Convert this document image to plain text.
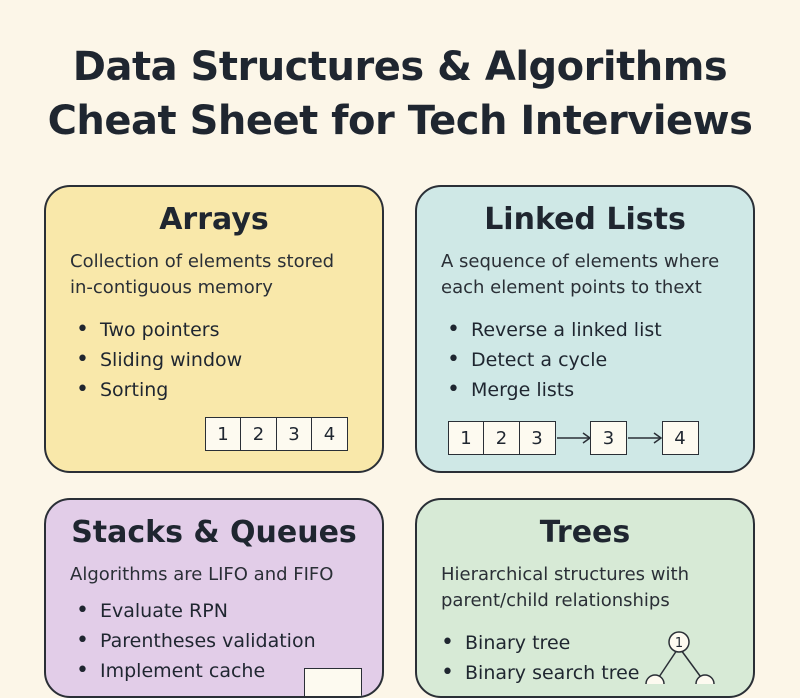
Data Structures & Algorithms
Cheat Sheet for Tech Interviews
Arrays
Collection of elements stored
in-contiguous memory
• Two pointers
• Sliding window
• Sorting
1	2	3	4
Linked Lists
A sequence of elements where
each element points to thext
• Reverse a linked list
• Detect a cycle
• Merge lists
1	2	3	3	4
Stacks & Queues
Algorithms are LIFO and FIFO
• Evaluate RPN
• Parentheses validation
• Implement cache
Trees
Hierarchical structures with
parent/child relationships
• Binary tree
• Binary search tree
1
